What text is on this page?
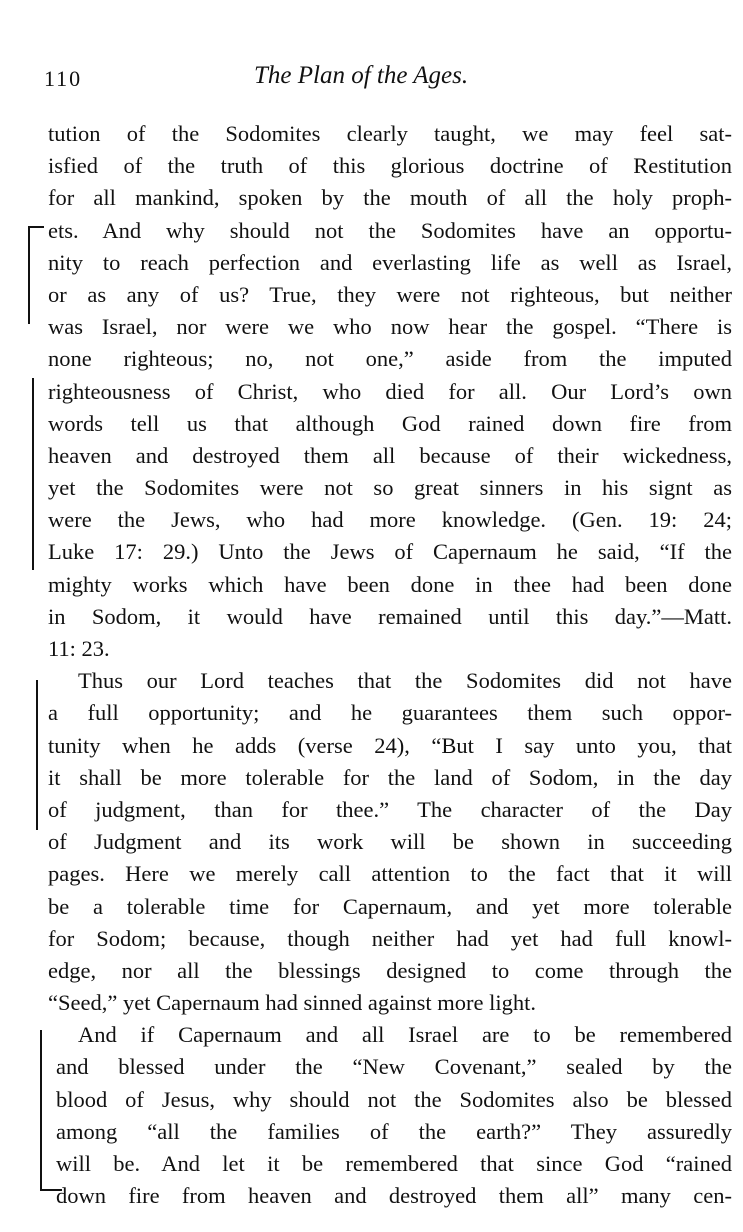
110	The Plan of the Ages.
tution of the Sodomites clearly taught, we may feel sat-
isfied of the truth of this glorious doctrine of Restitution
for all mankind, spoken by the mouth of all the holy proph-
ets. And why should not the Sodomites have an opportu-
nity to reach perfection and everlasting life as well as Israel,
or as any of us? True, they were not righteous, but neither
was Israel, nor were we who now hear the gospel. “There is
none righteous; no, not one,” aside from the imputed
righteousness of Christ, who died for all. Our Lord’s own
words tell us that although God rained down fire from
heaven and destroyed them all because of their wickedness,
yet the Sodomites were not so great sinners in his signt as
were the Jews, who had more knowledge. (Gen. 19: 24;
Luke 17: 29.) Unto the Jews of Capernaum he said, “If the
mighty works which have been done in thee had been done
in Sodom, it would have remained until this day.”—Matt.
11: 23.
Thus our Lord teaches that the Sodomites did not have
a full opportunity; and he guarantees them such oppor-
tunity when he adds (verse 24), “But I say unto you, that
it shall be more tolerable for the land of Sodom, in the day
of judgment, than for thee.” The character of the Day
of Judgment and its work will be shown in succeeding
pages. Here we merely call attention to the fact that it will
be a tolerable time for Capernaum, and yet more tolerable
for Sodom; because, though neither had yet had full knowl-
edge, nor all the blessings designed to come through the
“Seed,” yet Capernaum had sinned against more light.
And if Capernaum and all Israel are to be remembered
and blessed under the “New Covenant,” sealed by the
blood of Jesus, why should not the Sodomites also be blessed
among “all the families of the earth?” They assuredly
will be. And let it be remembered that since God “rained
down fire from heaven and destroyed them all” many cen-
